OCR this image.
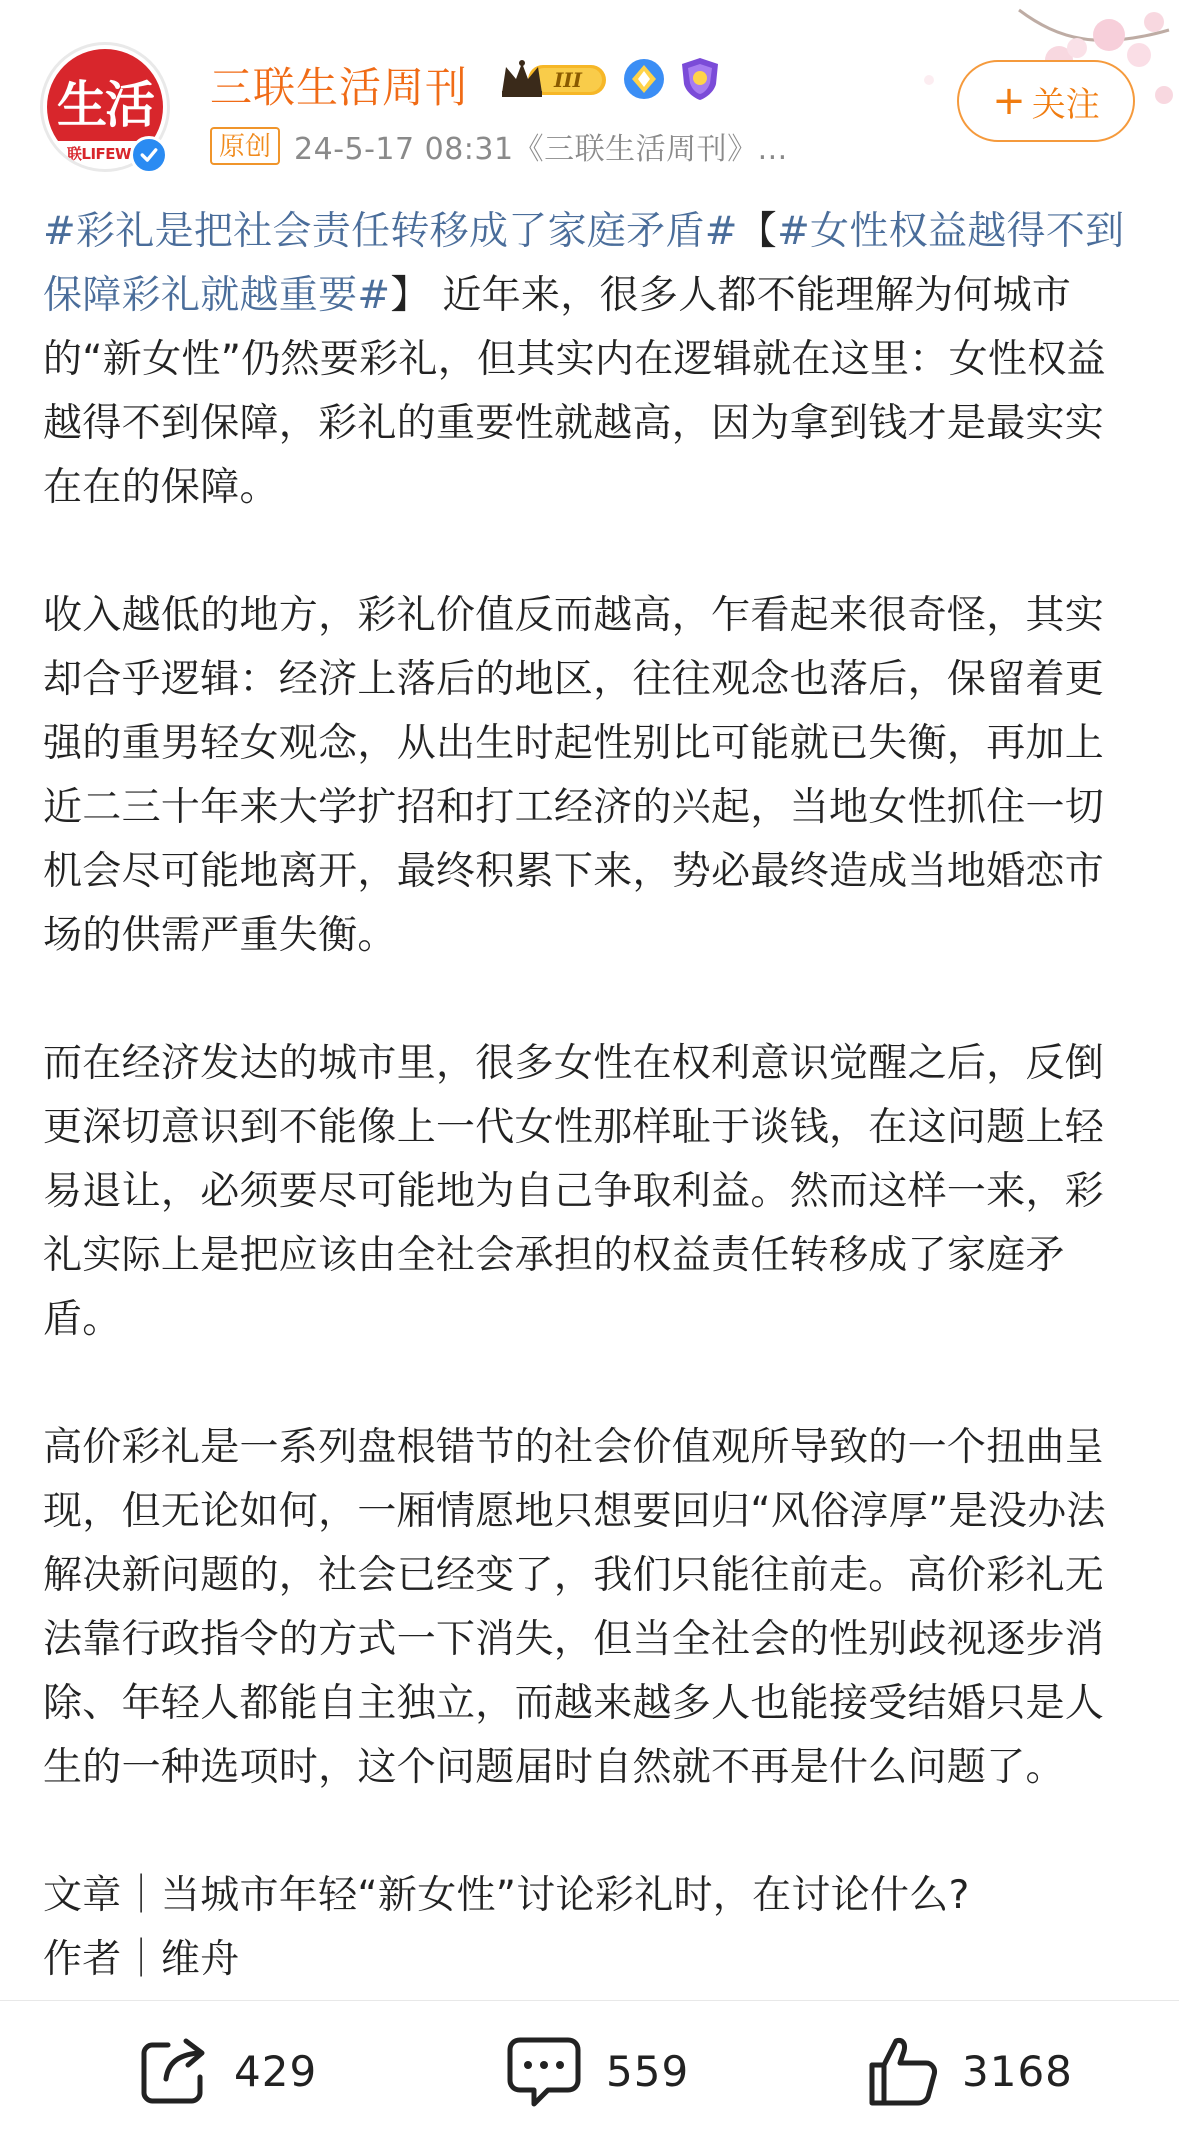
生活
联LIFEW
三联生活周刊	III
原创 24-5-17 08:31《三联生活周刊》...
+ 关注

#彩礼是把社会责任转移成了家庭矛盾#【#女性权益越得不到保障彩礼就越重要#】 近年来，很多人都不能理解为何城市的“新女性”仍然要彩礼，但其实内在逻辑就在这里：女性权益越得不到保障，彩礼的重要性就越高，因为拿到钱才是最实实在在的保障。

收入越低的地方，彩礼价值反而越高，乍看起来很奇怪，其实却合乎逻辑：经济上落后的地区，往往观念也落后，保留着更强的重男轻女观念，从出生时起性别比可能就已失衡，再加上近二三十年来大学扩招和打工经济的兴起，当地女性抓住一切机会尽可能地离开，最终积累下来，势必最终造成当地婚恋市场的供需严重失衡。

而在经济发达的城市里，很多女性在权利意识觉醒之后，反倒更深切意识到不能像上一代女性那样耻于谈钱，在这问题上轻易退让，必须要尽可能地为自己争取利益。然而这样一来，彩礼实际上是把应该由全社会承担的权益责任转移成了家庭矛盾。

高价彩礼是一系列盘根错节的社会价值观所导致的一个扭曲呈现，但无论如何，一厢情愿地只想要回归“风俗淳厚”是没办法解决新问题的，社会已经变了，我们只能往前走。高价彩礼无法靠行政指令的方式一下消失，但当全社会的性别歧视逐步消除、年轻人都能自主独立，而越来越多人也能接受结婚只是人生的一种选项时，这个问题届时自然就不再是什么问题了。

文章｜当城市年轻“新女性”讨论彩礼时，在讨论什么?
作者｜维舟
429	559	3168
